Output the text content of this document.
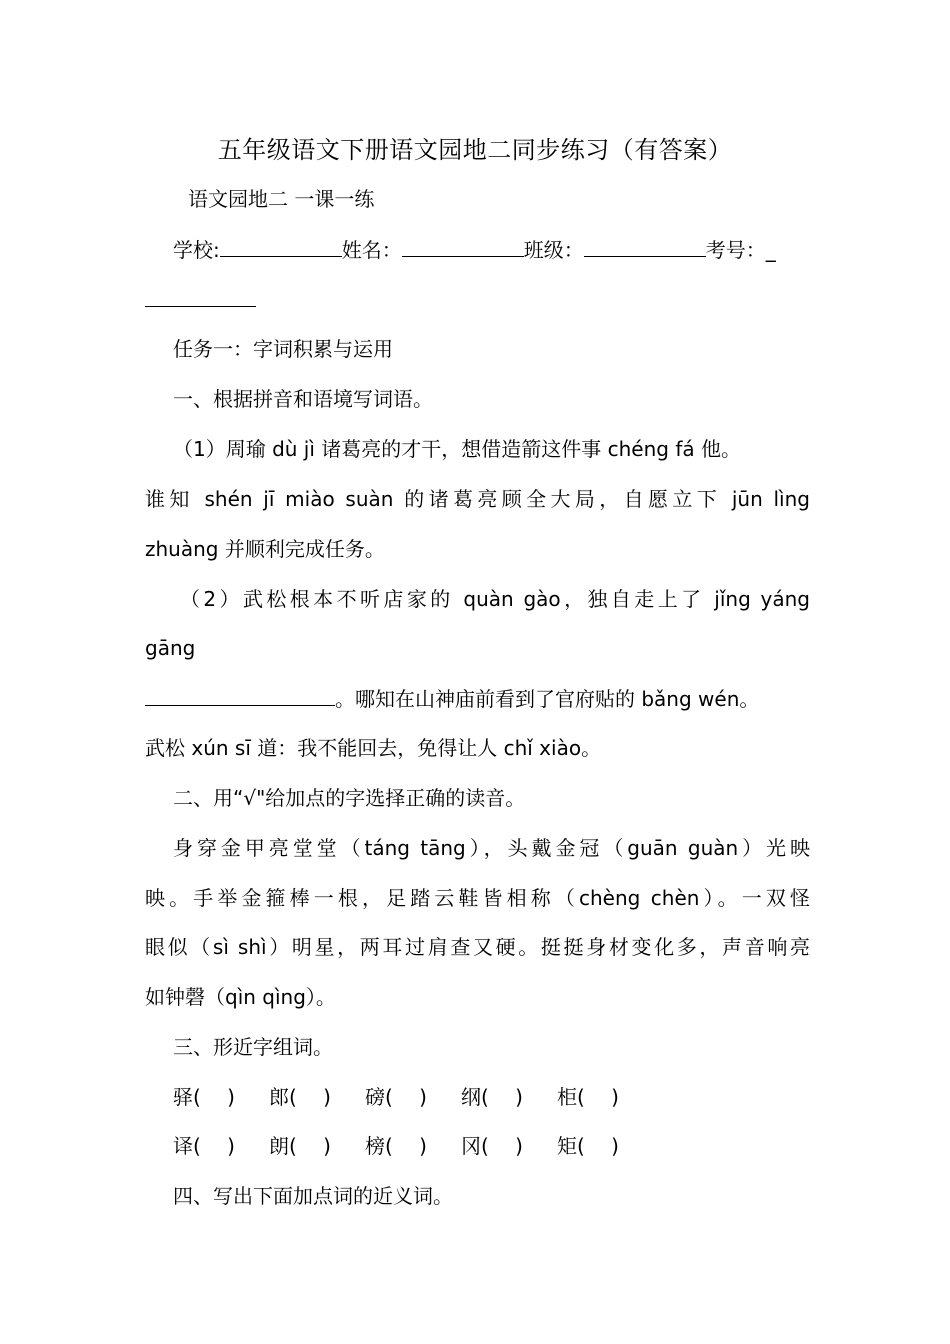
五年级语文下册语文园地二同步练习（有答案）
语文园地二 一课一练
学校:	姓名：	班级：	考号：_
任务一：字词积累与运用
一、根据拼音和语境写词语。
（1）周瑜 dù jì 诸葛亮的才干，想借造箭这件事 chéng fá 他。
谁知 shén jī miào suàn 的诸葛亮顾全大局，自愿立下 jūn lìng
zhuàng 并顺利完成任务。
（2）武松根本不听店家的 quàn gào，独自走上了 jǐng yáng
gāng
。哪知在山神庙前看到了官府贴的 bǎng wén。
武松 xún sī 道：我不能回去，免得让人 chǐ xiào。
二、用“√"给加点的字选择正确的读音。
身穿金甲亮堂堂（táng tāng），头戴金冠（guān guàn）光映
映。手举金箍棒一根，足踏云鞋皆相称（chèng chèn）。一双怪
眼似（sì shì）明星，两耳过肩查又硬。挺挺身材变化多，声音响亮
如钟磬（qìn qìng）。
三、形近字组词。
驿(　 ) 郎(　 ) 磅(　 ) 纲(　 ) 柜(　 )
译(　 ) 朗(　 ) 榜(　 ) 冈(　 ) 矩(　 )
四、写出下面加点词的近义词。
